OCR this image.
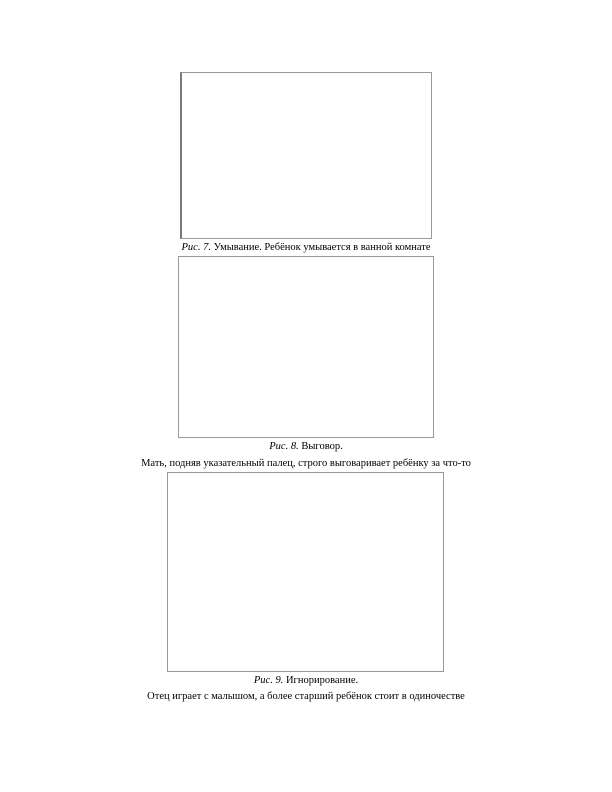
Рис. 7. Умывание. Ребёнок умывается в ванной комнате
Рис. 8. Выговор.
Мать, подняв указательный палец, строго выговаривает ребёнку за что-то
Рис. 9. Игнорирование.
Отец играет с малышом, а более старший ребёнок стоит в одиночестве
